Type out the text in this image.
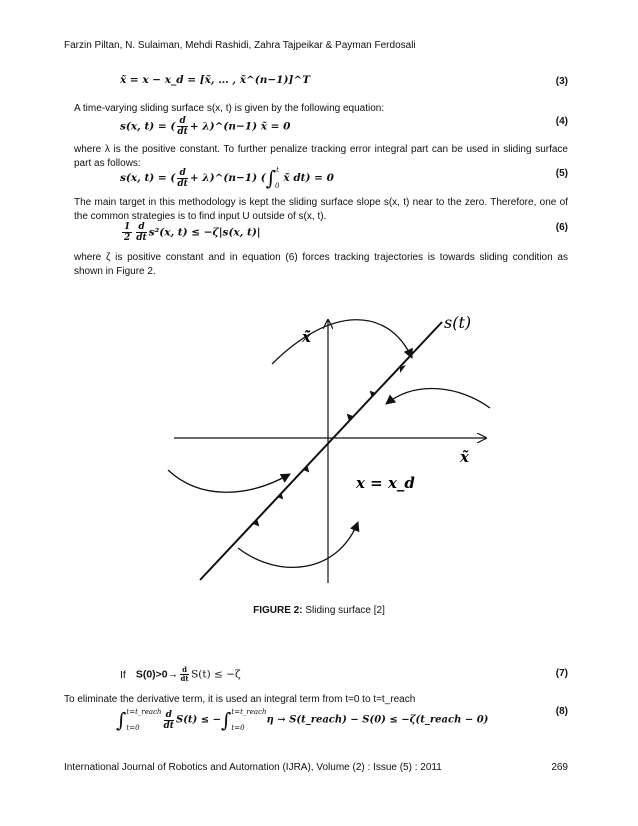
Farzin Piltan, N. Sulaiman, Mehdi Rashidi, Zahra Tajpeikar & Payman Ferdosali
x̃ = x − x_d = [x̃, … , x̃^(n−1)]^T	(3)
A time-varying sliding surface s(x, t) is given by the following equation:
s(x, t) = ( $\frac{d}{dt}$ + λ)^(n−1) x̃ = 0	(4)
where λ is the positive constant. To further penalize tracking error integral part can be used in sliding surface part as follows:
s(x, t) = ( $\frac{d}{dt}$ + λ)^(n−1) (∫t0x̃ dt) = 0	(5)
The main target in this methodology is kept the sliding surface slope s(x, t) near to the zero. Therefore, one of the common strategies is to find input U outside of s(x, t).
$\frac{1}{2} \frac{d}{dt} s^2(x$, t) ≤ −ζ|s(x, t)|	(6)
where ζ is positive constant and in equation (6) forces tracking trajectories is towards sliding condition as shown in Figure 2.
x̃̇
x̃
s(t)
x = x_d
FIGURE 2: Sliding surface [2]
If $S(0)>0\to \frac{d}{dt} S(t) \le -\zeta$	(7)
To eliminate the derivative term, it is used an integral term from t=0 to t=t_reach
∫ t=t_reach

t=0	$\frac{d}{dt} S(t)$ ≤ −∫ t=t_reach

t=0
η → S(t_reach) − S(0) ≤ −ζ(t_reach − 0)
(8)
International Journal of Robotics and Automation (IJRA), Volume (2) : Issue (5) : 2011	269
